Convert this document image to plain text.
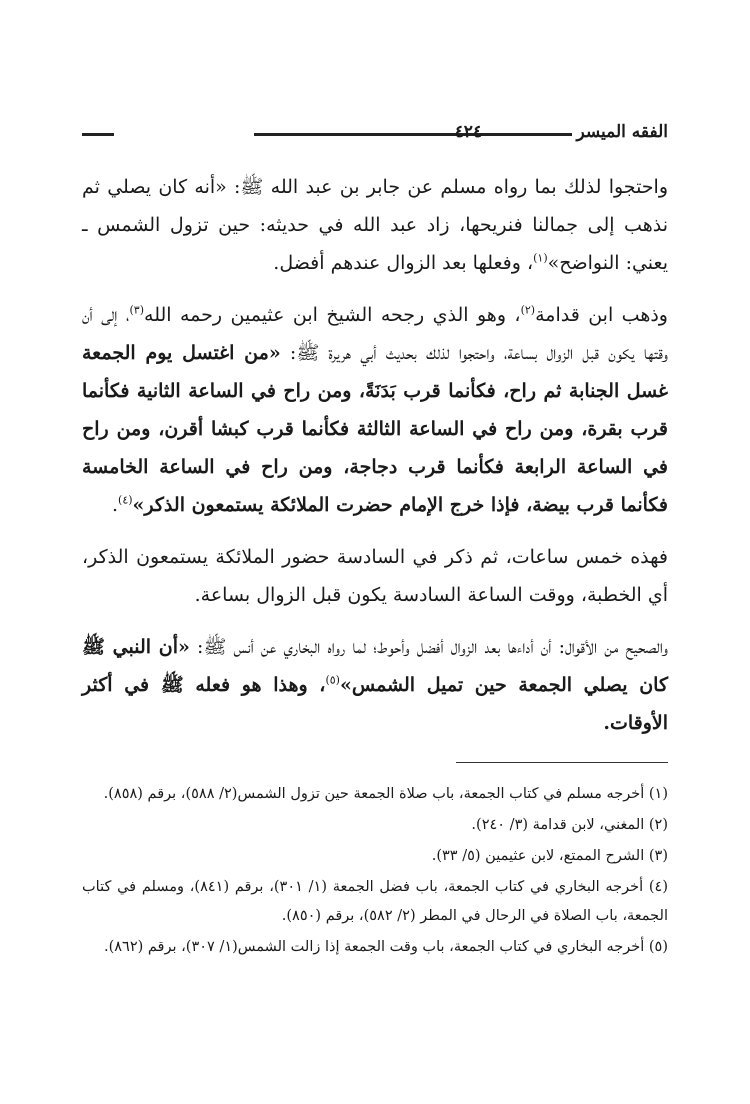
الفقه الميسر
٤٢٤

واحتجوا لذلك بما رواه مسلم عن جابر بن عبد الله ﷺ: «أنه كان يصلي ثم نذهب إلى جمالنا فنريحها، زاد عبد الله في حديثه: حين تزول الشمس ـ يعني: النواضح»$^{(١)}$، وفعلها بعد الزوال عندهم أفضل.

وذهب ابن قدامة$^{(٢)}$، وهو الذي رجحه الشيخ ابن عثيمين رحمه الله$^{(٣)}$، إلى أن وقتها يكون قبل الزوال بساعة، واحتجوا لذلك بحديث أبي هريرة ﷺ: «من اغتسل يوم الجمعة غسل الجنابة ثم راح، فكأنما قرب بَدَنَةً، ومن راح في الساعة الثانية فكأنما قرب بقرة، ومن راح في الساعة الثالثة فكأنما قرب كبشا أقرن، ومن راح في الساعة الرابعة فكأنما قرب دجاجة، ومن راح في الساعة الخامسة فكأنما قرب بيضة، فإذا خرج الإمام حضرت الملائكة يستمعون الذكر»$^{(٤)}$.

فهذه خمس ساعات، ثم ذكر في السادسة حضور الملائكة يستمعون الذكر، أي الخطبة، ووقت الساعة السادسة يكون قبل الزوال بساعة.

والصحيح من الأقوال: أن أداءها بعد الزوال أفضل وأحوط؛ لما رواه البخاري عن أنس ﷺ: «أن النبي ﷺ كان يصلي الجمعة حين تميل الشمس»$^{(٥)}$، وهذا هو فعله ﷺ في أكثر الأوقات.

(١) أخرجه مسلم في كتاب الجمعة، باب صلاة الجمعة حين تزول الشمس(٢/ ٥٨٨)، برقم (٨٥٨).

(٢) المغني، لابن قدامة (٣/ ٢٤٠).

(٣) الشرح الممتع، لابن عثيمين (٥/ ٣٣).

(٤) أخرجه البخاري في كتاب الجمعة، باب فضل الجمعة (١/ ٣٠١)، برقم (٨٤١)، ومسلم في كتاب الجمعة، باب الصلاة في الرحال في المطر (٢/ ٥٨٢)، برقم (٨٥٠).

(٥) أخرجه البخاري في كتاب الجمعة، باب وقت الجمعة إذا زالت الشمس(١/ ٣٠٧)، برقم (٨٦٢).
